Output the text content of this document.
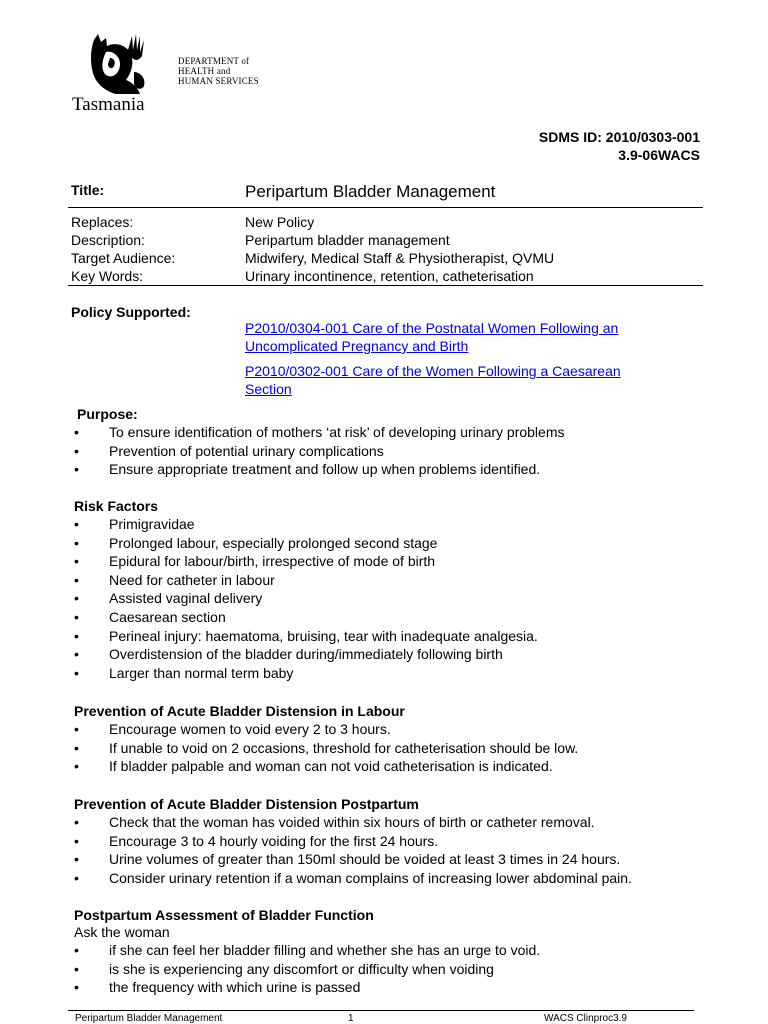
Tasmania
DEPARTMENT of
HEALTH and
HUMAN SERVICES
SDMS ID: 2010/0303-001
3.9-06WACS
Title:	Peripartum Bladder Management
Replaces:	New Policy
Description:	Peripartum bladder management
Target Audience:	Midwifery, Medical Staff & Physiotherapist, QVMU
Key Words:	Urinary incontinence, retention, catheterisation
Policy Supported:
P2010/0304-001 Care of the Postnatal Women Following an
Uncomplicated Pregnancy and Birth
P2010/0302-001 Care of the Women Following a Caesarean
Section
Purpose:
• To ensure identification of mothers ‘at risk’ of developing urinary problems
• Prevention of potential urinary complications
• Ensure appropriate treatment and follow up when problems identified.
Risk Factors
• Primigravidae
• Prolonged labour, especially prolonged second stage
• Epidural for labour/birth, irrespective of mode of birth
• Need for catheter in labour
• Assisted vaginal delivery
• Caesarean section
• Perineal injury: haematoma, bruising, tear with inadequate analgesia.
• Overdistension of the bladder during/immediately following birth
• Larger than normal term baby
Prevention of Acute Bladder Distension in Labour
• Encourage women to void every 2 to 3 hours.
• If unable to void on 2 occasions, threshold for catheterisation should be low.
• If bladder palpable and woman can not void catheterisation is indicated.
Prevention of Acute Bladder Distension Postpartum
• Check that the woman has voided within six hours of birth or catheter removal.
• Encourage 3 to 4 hourly voiding for the first 24 hours.
• Urine volumes of greater than 150ml should be voided at least 3 times in 24 hours.
• Consider urinary retention if a woman complains of increasing lower abdominal pain.
Postpartum Assessment of Bladder Function
Ask the woman
• if she can feel her bladder filling and whether she has an urge to void.
• is she is experiencing any discomfort or difficulty when voiding
• the frequency with which urine is passed
Peripartum Bladder Management	1	WACS Clinproc3.9
